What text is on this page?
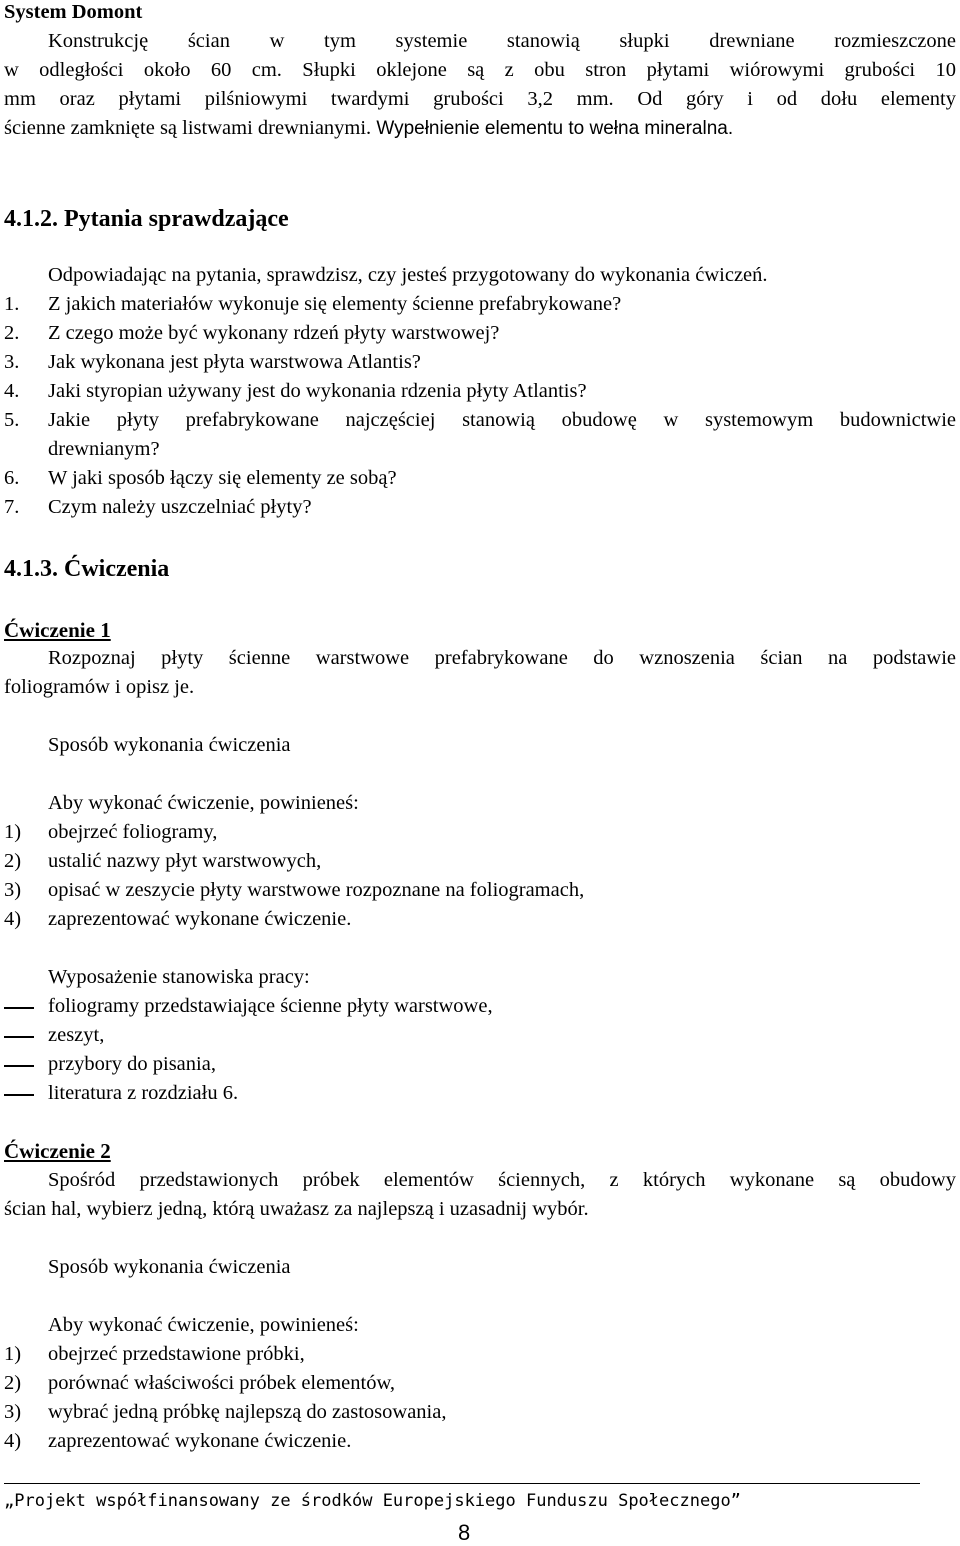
System Domont
Konstrukcję ścian w tym systemie stanowią słupki drewniane rozmieszczone
w odległości około 60 cm. Słupki oklejone są z obu stron płytami wiórowymi grubości 10
mm oraz płytami pilśniowymi twardymi grubości 3,2 mm. Od góry i od dołu elementy
ścienne zamknięte są listwami drewnianymi. Wypełnienie elementu to wełna mineralna.
4.1.2. Pytania sprawdzające
Odpowiadając na pytania, sprawdzisz, czy jesteś przygotowany do wykonania ćwiczeń.
1. Z jakich materiałów wykonuje się elementy ścienne prefabrykowane?
2. Z czego może być wykonany rdzeń płyty warstwowej?
3. Jak wykonana jest płyta warstwowa Atlantis?
4. Jaki styropian używany jest do wykonania rdzenia płyty Atlantis?
5. Jakie płyty prefabrykowane najczęściej stanowią obudowę w systemowym budownictwie
drewnianym?
6. W jaki sposób łączy się elementy ze sobą?
7. Czym należy uszczelniać płyty?
4.1.3. Ćwiczenia
Ćwiczenie 1
Rozpoznaj płyty ścienne warstwowe prefabrykowane do wznoszenia ścian na podstawie
foliogramów i opisz je.
Sposób wykonania ćwiczenia
Aby wykonać ćwiczenie, powinieneś:
1) obejrzeć foliogramy,
2) ustalić nazwy płyt warstwowych,
3) opisać w zeszycie płyty warstwowe rozpoznane na foliogramach,
4) zaprezentować wykonane ćwiczenie.
Wyposażenie stanowiska pracy:
foliogramy przedstawiające ścienne płyty warstwowe,
zeszyt,
przybory do pisania,
literatura z rozdziału 6.
Ćwiczenie 2
Spośród przedstawionych próbek elementów ściennych, z których wykonane są obudowy
ścian hal, wybierz jedną, którą uważasz za najlepszą i uzasadnij wybór.
Sposób wykonania ćwiczenia
Aby wykonać ćwiczenie, powinieneś:
1) obejrzeć przedstawione próbki,
2) porównać właściwości próbek elementów,
3) wybrać jedną próbkę najlepszą do zastosowania,
4) zaprezentować wykonane ćwiczenie.
„Projekt współfinansowany ze środków Europejskiego Funduszu Społecznego”
8
